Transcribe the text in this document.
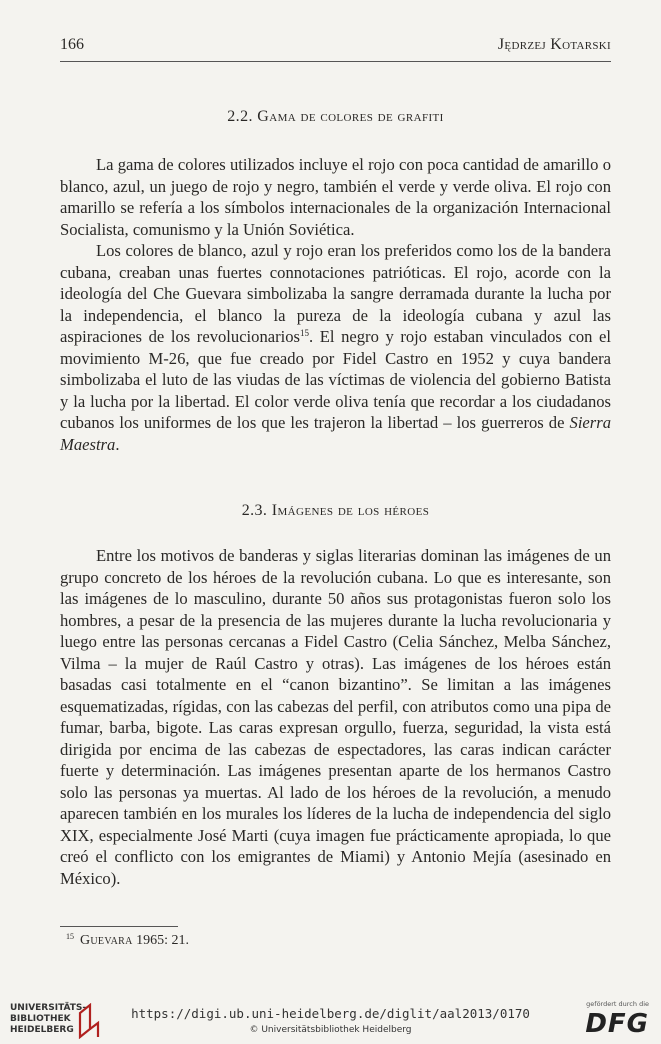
166	Jędrzej Kotarski
2.2. Gama de colores de grafiti

La gama de colores utilizados incluye el rojo con poca cantidad de amarillo o blanco, azul, un juego de rojo y negro, también el verde y verde oliva. El rojo con amarillo se refería a los símbolos internacionales de la organización Internacional Socialista, comunismo y la Unión Soviética.

Los colores de blanco, azul y rojo eran los preferidos como los de la bandera cubana, creaban unas fuertes connotaciones patrióticas. El rojo, acorde con la ideología del Che Guevara simbolizaba la sangre derramada durante la lucha por la independencia, el blanco la pureza de la ideología cubana y azul las aspiraciones de los revolucionarios$^{15}$. El negro y rojo estaban vinculados con el movimiento M-26, que fue creado por Fidel Castro en 1952 y cuya bandera simbolizaba el luto de las viudas de las víctimas de violencia del gobierno Batista y la lucha por la libertad. El color verde oliva tenía que recordar a los ciudadanos cubanos los uniformes de los que les trajeron la libertad – los guerreros de Sierra Maestra.

2.3. Imágenes de los héroes

Entre los motivos de banderas y siglas literarias dominan las imágenes de un grupo concreto de los héroes de la revolución cubana. Lo que es interesante, son las imágenes de lo masculino, durante 50 años sus protagonistas fueron solo los hombres, a pesar de la presencia de las mujeres durante la lucha revolucionaria y luego entre las personas cercanas a Fidel Castro (Celia Sánchez, Melba Sánchez, Vilma – la mujer de Raúl Castro y otras). Las imágenes de los héroes están basadas casi totalmente en el “canon bizantino”. Se limitan a las imágenes esquematizadas, rígidas, con las cabezas del perfil, con atributos como una pipa de fumar, barba, bigote. Las caras expresan orgullo, fuerza, seguridad, la vista está dirigida por encima de las cabezas de espectadores, las caras indican carácter fuerte y determinación. Las imágenes presentan aparte de los hermanos Castro solo las personas ya muertas. Al lado de los héroes de la revolución, a menudo aparecen también en los murales los líderes de la lucha de independencia del siglo XIX, especialmente José Marti (cuya imagen fue prácticamente apropiada, lo que creó el conflicto con los emigrantes de Miami) y Antonio Mejía (asesinado en México).

$^{15}$ Guevara 1965: 21.
UNIVERSITÄTS-
BIBLIOTHEK
HEIDELBERG
https://digi.ub.uni-heidelberg.de/diglit/aal2013/0170
© Universitätsbibliothek Heidelberg
gefördert durch die
DFG
